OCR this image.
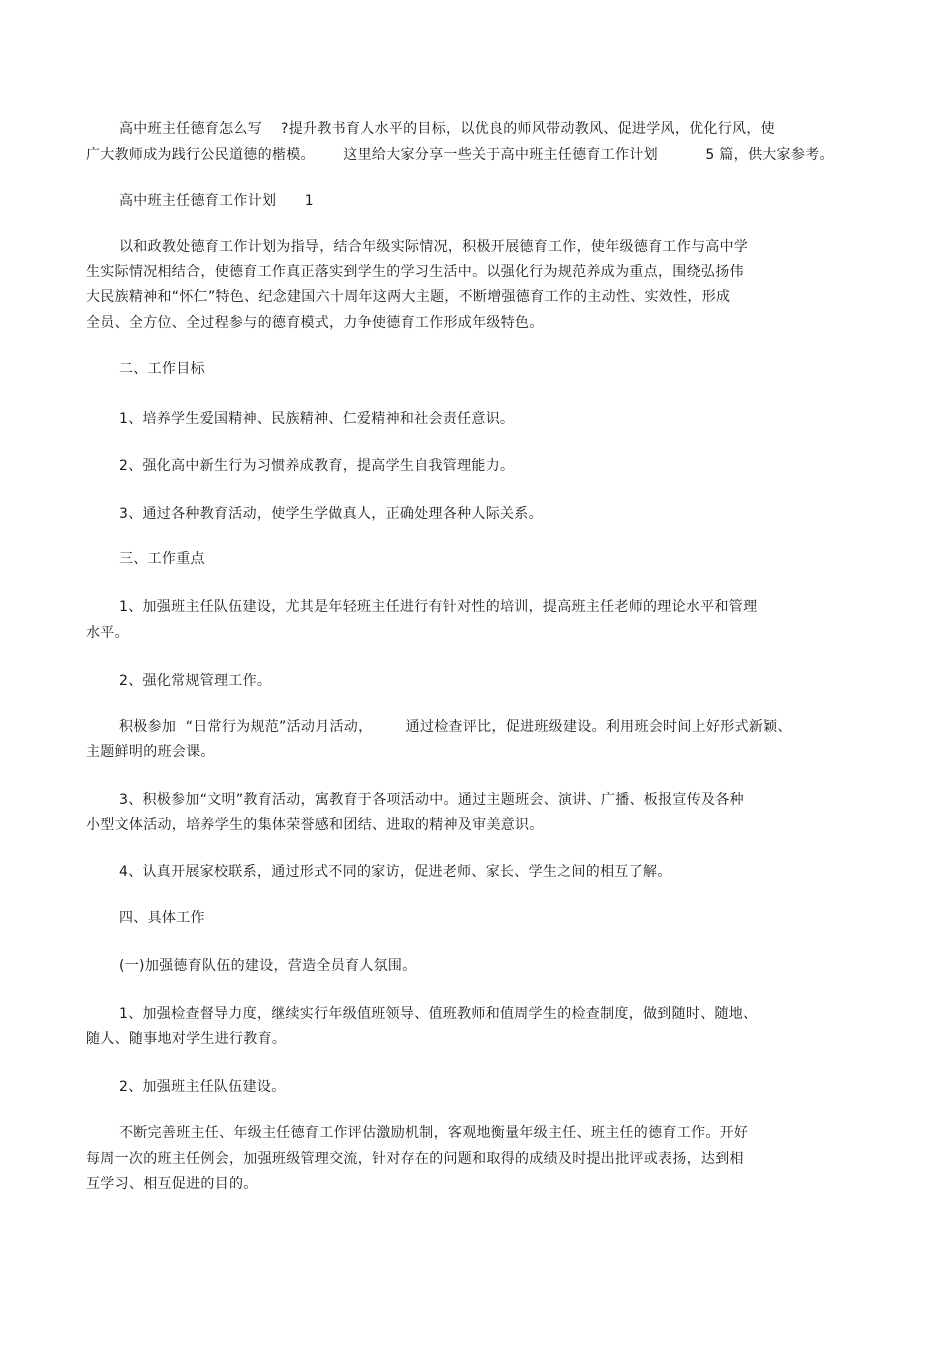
高中班主任德育怎么写    ?提升教书育人水平的目标，以优良的师风带动教风、促进学风，优化行风，使
广大教师成为践行公民道德的楷模。      这里给大家分享一些关于高中班主任德育工作计划          5 篇，供大家参考。
高中班主任德育工作计划      1
以和政教处德育工作计划为指导，结合年级实际情况，积极开展德育工作，使年级德育工作与高中学
生实际情况相结合，使德育工作真正落实到学生的学习生活中。以强化行为规范养成为重点，围绕弘扬伟
大民族精神和“怀仁”特色、纪念建国六十周年这两大主题，不断增强德育工作的主动性、实效性，形成
全员、全方位、全过程参与的德育模式，力争使德育工作形成年级特色。
二、工作目标
1、培养学生爱国精神、民族精神、仁爱精神和社会责任意识。
2、强化高中新生行为习惯养成教育，提高学生自我管理能力。
3、通过各种教育活动，使学生学做真人，正确处理各种人际关系。
三、工作重点
1、加强班主任队伍建设，尤其是年轻班主任进行有针对性的培训，提高班主任老师的理论水平和管理
水平。
2、强化常规管理工作。
积极参加  “日常行为规范”活动月活动，       通过检查评比，促进班级建设。利用班会时间上好形式新颖、
主题鲜明的班会课。
3、积极参加“文明”教育活动，寓教育于各项活动中。通过主题班会、演讲、广播、板报宣传及各种
小型文体活动，培养学生的集体荣誉感和团结、进取的精神及审美意识。
4、认真开展家校联系，通过形式不同的家访，促进老师、家长、学生之间的相互了解。
四、具体工作
(一)加强德育队伍的建设，营造全员育人氛围。
1、加强检查督导力度，继续实行年级值班领导、值班教师和值周学生的检查制度，做到随时、随地、
随人、随事地对学生进行教育。
2、加强班主任队伍建设。
不断完善班主任、年级主任德育工作评估激励机制，客观地衡量年级主任、班主任的德育工作。开好
每周一次的班主任例会，加强班级管理交流，针对存在的问题和取得的成绩及时提出批评或表扬，达到相
互学习、相互促进的目的。
